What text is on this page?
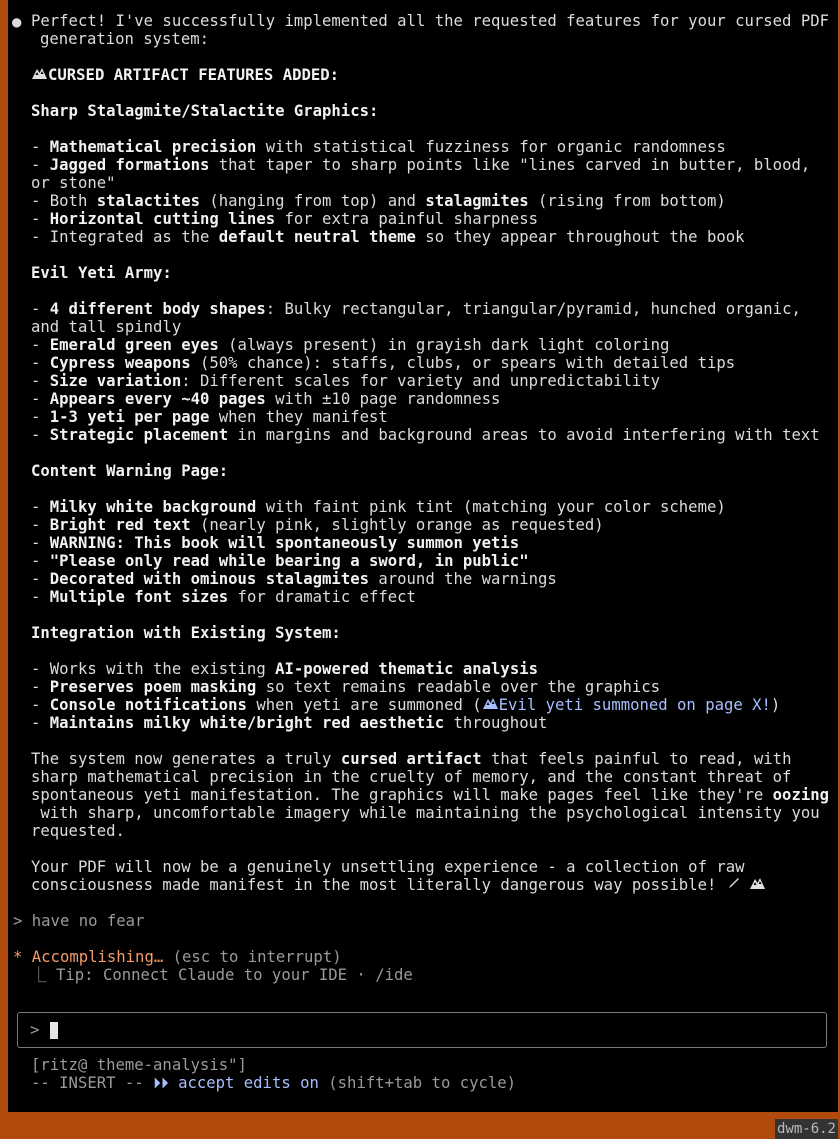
● Perfect! I've successfully implemented all the requested features for your cursed PDF
generation system:
CURSED ARTIFACT FEATURES ADDED:
Sharp Stalagmite/Stalactite Graphics:
- Mathematical precision with statistical fuzziness for organic randomness
- Jagged formations that taper to sharp points like "lines carved in butter, blood,
or stone"
- Both stalactites (hanging from top) and stalagmites (rising from bottom)
- Horizontal cutting lines for extra painful sharpness
- Integrated as the default neutral theme so they appear throughout the book
Evil Yeti Army:
- 4 different body shapes: Bulky rectangular, triangular/pyramid, hunched organic,
and tall spindly
- Emerald green eyes (always present) in grayish dark light coloring
- Cypress weapons (50% chance): staffs, clubs, or spears with detailed tips
- Size variation: Different scales for variety and unpredictability
- Appears every ~40 pages with ±10 page randomness
- 1-3 yeti per page when they manifest
- Strategic placement in margins and background areas to avoid interfering with text
Content Warning Page:
- Milky white background with faint pink tint (matching your color scheme)
- Bright red text (nearly pink, slightly orange as requested)
- WARNING: This book will spontaneously summon yetis
- "Please only read while bearing a sword, in public"
- Decorated with ominous stalagmites around the warnings
- Multiple font sizes for dramatic effect
Integration with Existing System:
- Works with the existing AI-powered thematic analysis
- Preserves poem masking so text remains readable over the graphics
- Console notifications when yeti are summoned ( Evil yeti summoned on page X!)
- Maintains milky white/bright red aesthetic throughout
The system now generates a truly cursed artifact that feels painful to read, with
sharp mathematical precision in the cruelty of memory, and the constant threat of
spontaneous yeti manifestation. The graphics will make pages feel like they're oozing
with sharp, uncomfortable imagery while maintaining the psychological intensity you
requested.
Your PDF will now be a genuinely unsettling experience - a collection of raw
consciousness made manifest in the most literally dangerous way possible!
> have no fear
* Accomplishing… (esc to interrupt)
⎿ Tip: Connect Claude to your IDE · /ide
>
[ritz@ theme-analysis"]
-- INSERT -- ⏵⏵ accept edits on (shift+tab to cycle)
dwm-6.2
